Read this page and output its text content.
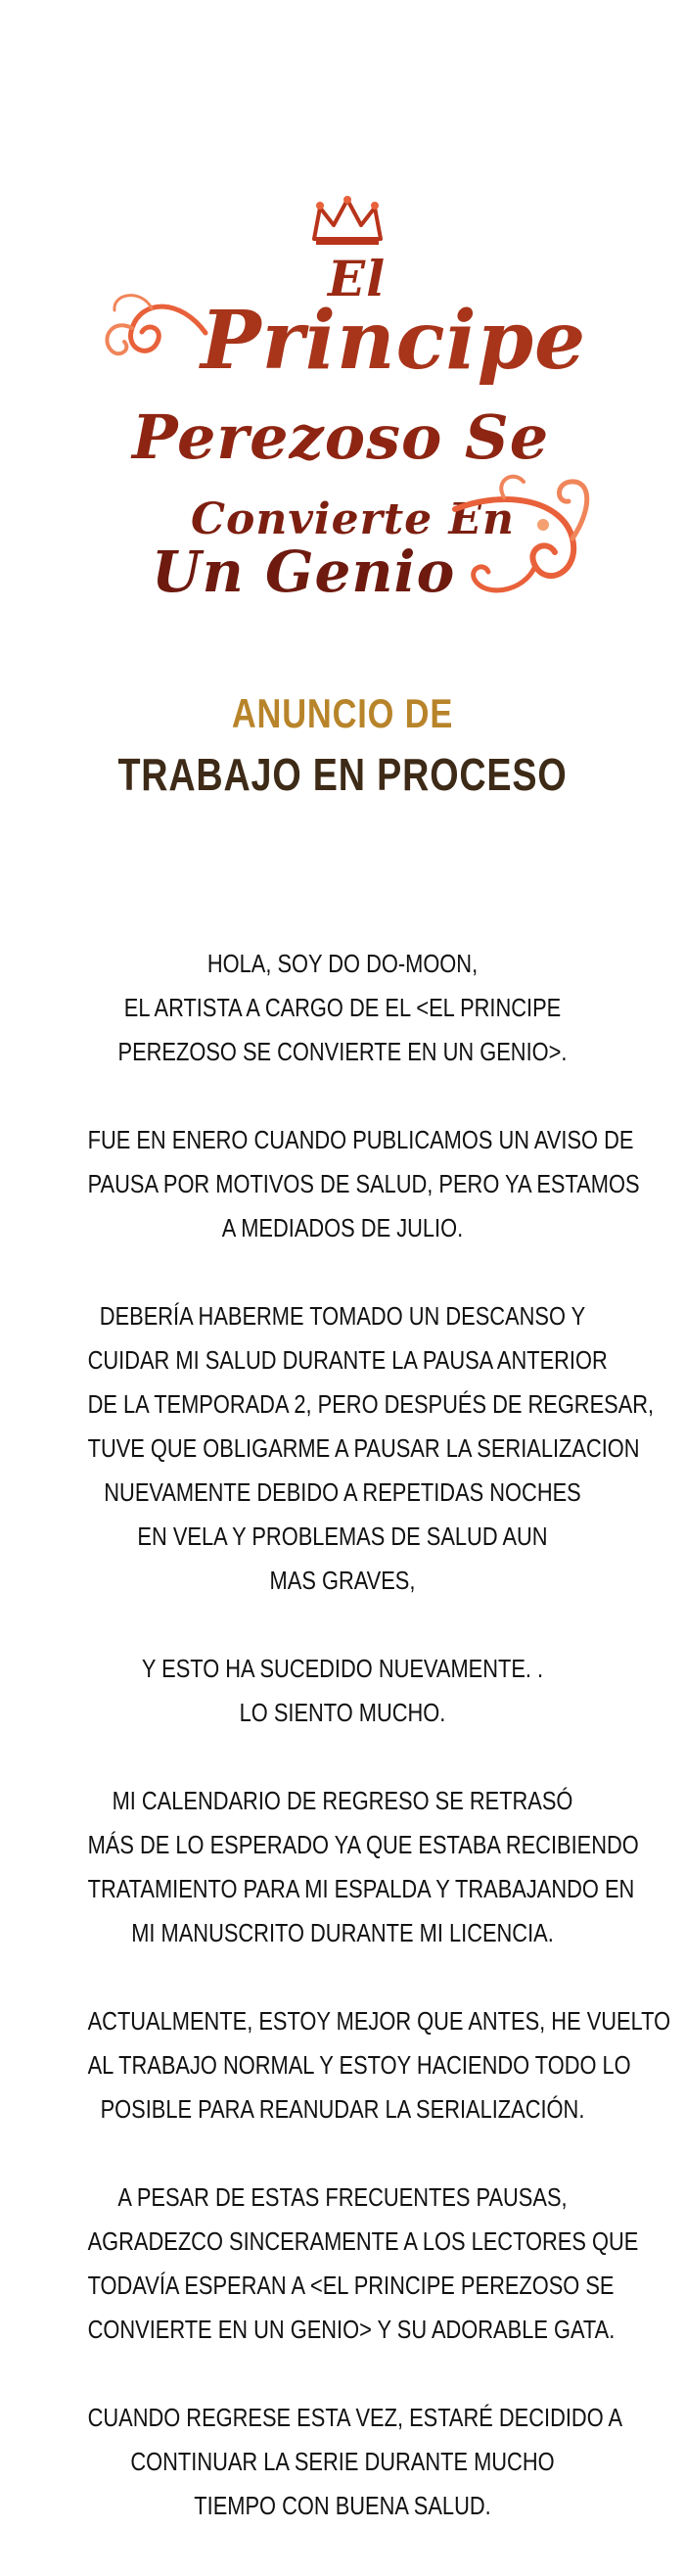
El
Principe
Perezoso Se
Convierte En
Un Genio
ANUNCIO DE
TRABAJO EN PROCESO
HOLA, SOY DO DO-MOON,
EL ARTISTA A CARGO DE EL <EL PRINCIPE
PEREZOSO SE CONVIERTE EN UN GENIO>.
FUE EN ENERO CUANDO PUBLICAMOS UN AVISO DE
PAUSA POR MOTIVOS DE SALUD, PERO YA ESTAMOS
A MEDIADOS DE JULIO.
DEBERÍA HABERME TOMADO UN DESCANSO Y
CUIDAR MI SALUD DURANTE LA PAUSA ANTERIOR
DE LA TEMPORADA 2, PERO DESPUÉS DE REGRESAR,
TUVE QUE OBLIGARME A PAUSAR LA SERIALIZACION
NUEVAMENTE DEBIDO A REPETIDAS NOCHES
EN VELA Y PROBLEMAS DE SALUD AUN
MAS GRAVES,
Y ESTO HA SUCEDIDO NUEVAMENTE. .
LO SIENTO MUCHO.
MI CALENDARIO DE REGRESO SE RETRASÓ
MÁS DE LO ESPERADO YA QUE ESTABA RECIBIENDO
TRATAMIENTO PARA MI ESPALDA Y TRABAJANDO EN
MI MANUSCRITO DURANTE MI LICENCIA.
ACTUALMENTE, ESTOY MEJOR QUE ANTES, HE VUELTO
AL TRABAJO NORMAL Y ESTOY HACIENDO TODO LO
POSIBLE PARA REANUDAR LA SERIALIZACIÓN.
A PESAR DE ESTAS FRECUENTES PAUSAS,
AGRADEZCO SINCERAMENTE A LOS LECTORES QUE
TODAVÍA ESPERAN A <EL PRINCIPE PEREZOSO SE
CONVIERTE EN UN GENIO> Y SU ADORABLE GATA.
CUANDO REGRESE ESTA VEZ, ESTARÉ DECIDIDO A
CONTINUAR LA SERIE DURANTE MUCHO
TIEMPO CON BUENA SALUD.
